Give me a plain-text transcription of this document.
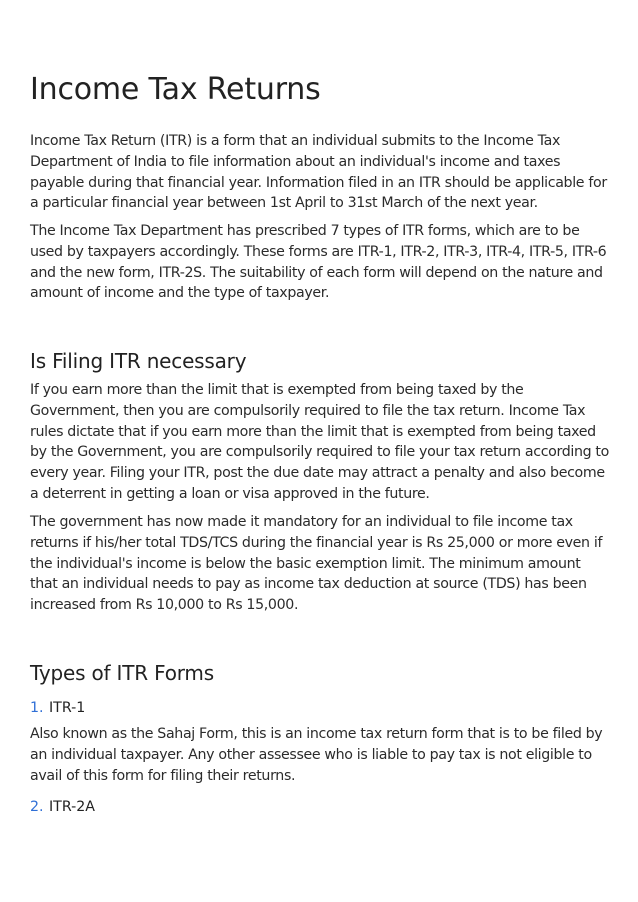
Income Tax Returns

Income Tax Return (ITR) is a form that an individual submits to the Income Tax Department of India to file information about an individual's income and taxes payable during that financial year. Information filed in an ITR should be applicable for a particular financial year between 1st April to 31st March of the next year.

The Income Tax Department has prescribed 7 types of ITR forms, which are to be used by taxpayers accordingly. These forms are ITR-1, ITR-2, ITR-3, ITR-4, ITR-5, ITR-6 and the new form, ITR-2S. The suitability of each form will depend on the nature and amount of income and the type of taxpayer.

Is Filing ITR necessary

If you earn more than the limit that is exempted from being taxed by the Government, then you are compulsorily required to file the tax return. Income Tax rules dictate that if you earn more than the limit that is exempted from being taxed by the Government, you are compulsorily required to file your tax return according to every year. Filing your ITR, post the due date may attract a penalty and also become a deterrent in getting a loan or visa approved in the future.

The government has now made it mandatory for an individual to file income tax returns if his/her total TDS/TCS during the financial year is Rs 25,000 or more even if the individual's income is below the basic exemption limit. The minimum amount that an individual needs to pay as income tax deduction at source (TDS) has been increased from Rs 10,000 to Rs 15,000.

Types of ITR Forms
1. ITR-1

Also known as the Sahaj Form, this is an income tax return form that is to be filed by an individual taxpayer. Any other assessee who is liable to pay tax is not eligible to avail of this form for filing their returns.

2. ITR-2A
